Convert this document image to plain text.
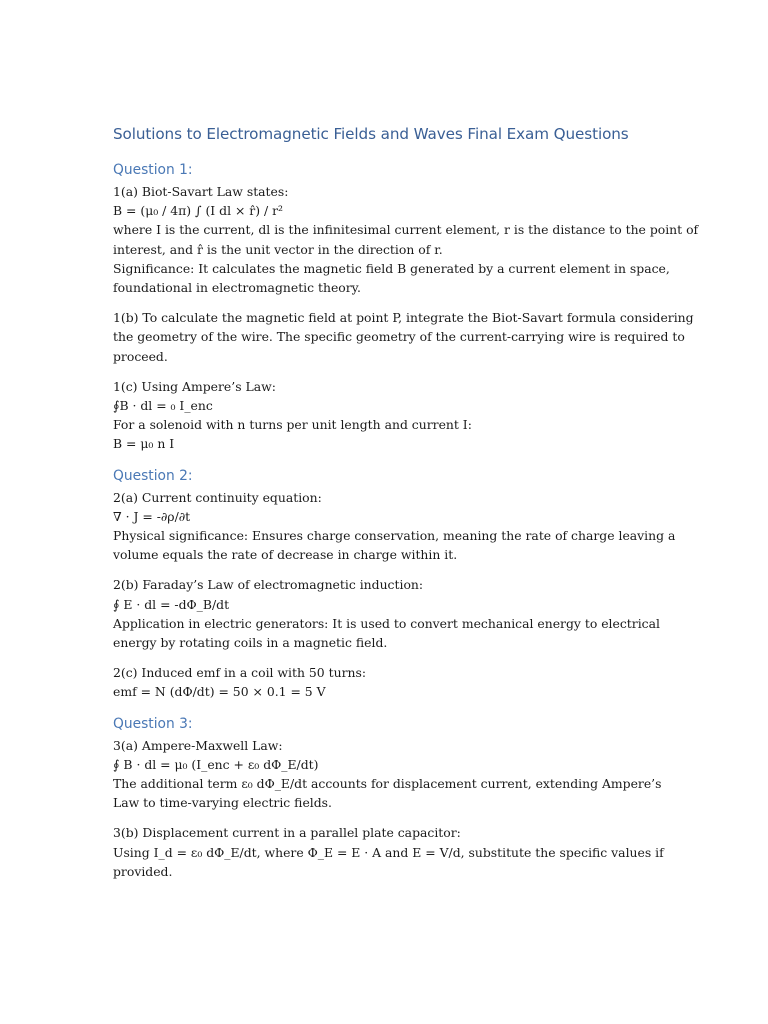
Solutions to Electromagnetic Fields and Waves Final Exam Questions
Question 1:
1(a) Biot-Savart Law states:
B = (μ₀ / 4π) ∫ (I dl × r̂) / r²
where I is the current, dl is the infinitesimal current element, r is the distance to the point of
interest, and r̂ is the unit vector in the direction of r.
Significance: It calculates the magnetic field B generated by a current element in space,
foundational in electromagnetic theory.
1(b) To calculate the magnetic field at point P, integrate the Biot-Savart formula considering
the geometry of the wire. The specific geometry of the current-carrying wire is required to
proceed.
1(c) Using Ampere’s Law:
∮B · dl = ₀ I_enc
For a solenoid with n turns per unit length and current I:
B = μ₀ n I
Question 2:
2(a) Current continuity equation:
∇ · J = -∂ρ/∂t
Physical significance: Ensures charge conservation, meaning the rate of charge leaving a
volume equals the rate of decrease in charge within it.
2(b) Faraday’s Law of electromagnetic induction:
∮ E · dl = -dΦ_B/dt
Application in electric generators: It is used to convert mechanical energy to electrical
energy by rotating coils in a magnetic field.
2(c) Induced emf in a coil with 50 turns:
emf = N (dΦ/dt) = 50 × 0.1 = 5 V
Question 3:
3(a) Ampere-Maxwell Law:
∮ B · dl = μ₀ (I_enc + ε₀ dΦ_E/dt)
The additional term ε₀ dΦ_E/dt accounts for displacement current, extending Ampere’s
Law to time-varying electric fields.
3(b) Displacement current in a parallel plate capacitor:
Using I_d = ε₀ dΦ_E/dt, where Φ_E = E · A and E = V/d, substitute the specific values if
provided.
